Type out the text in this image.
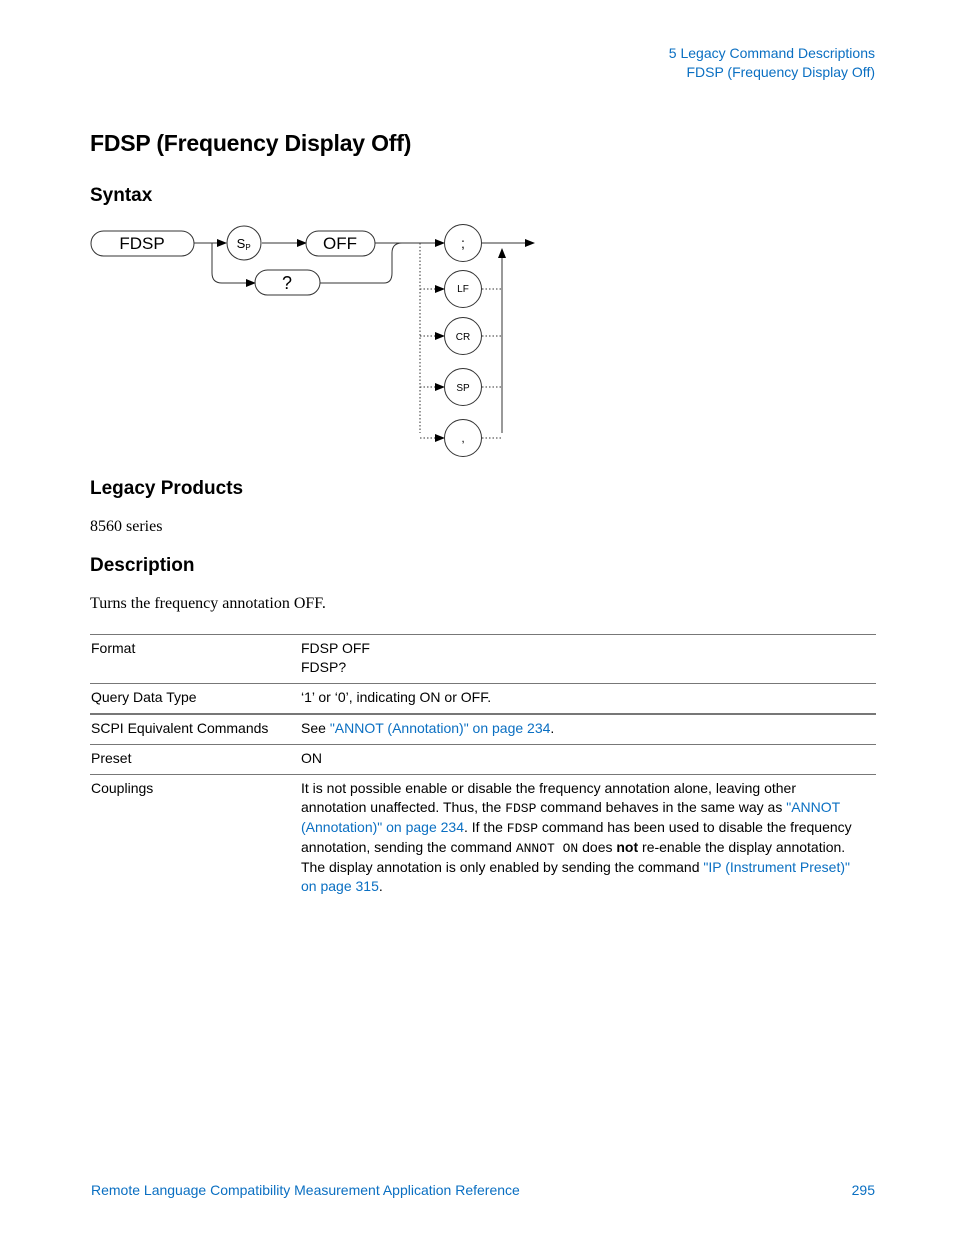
5 Legacy Command Descriptions
FDSP (Frequency Display Off)
FDSP (Frequency Display Off)
Syntax
FDSP	S P	OFF
?
;
LF
CR
SP
,
Legacy Products
8560 series
Description
Turns the frequency annotation OFF.
Format	FDSP OFF
FDSP?

Query Data Type	‘1’ or ‘0’, indicating ON or OFF.
SCPI Equivalent Commands	See "ANNOT (Annotation)" on page 234.
Preset	ON
Couplings	It is not possible enable or disable the frequency annotation alone, leaving other annotation unaffected. Thus, the FDSP command behaves in the same way as "ANNOT (Annotation)" on page 234. If the FDSP command has been used to disable the frequency annotation, sending the command ANNOT ON does not re-enable the display annotation. The display annotation is only enabled by sending the command "IP (Instrument Preset)" on page 315.
Remote Language Compatibility Measurement Application Reference	295
